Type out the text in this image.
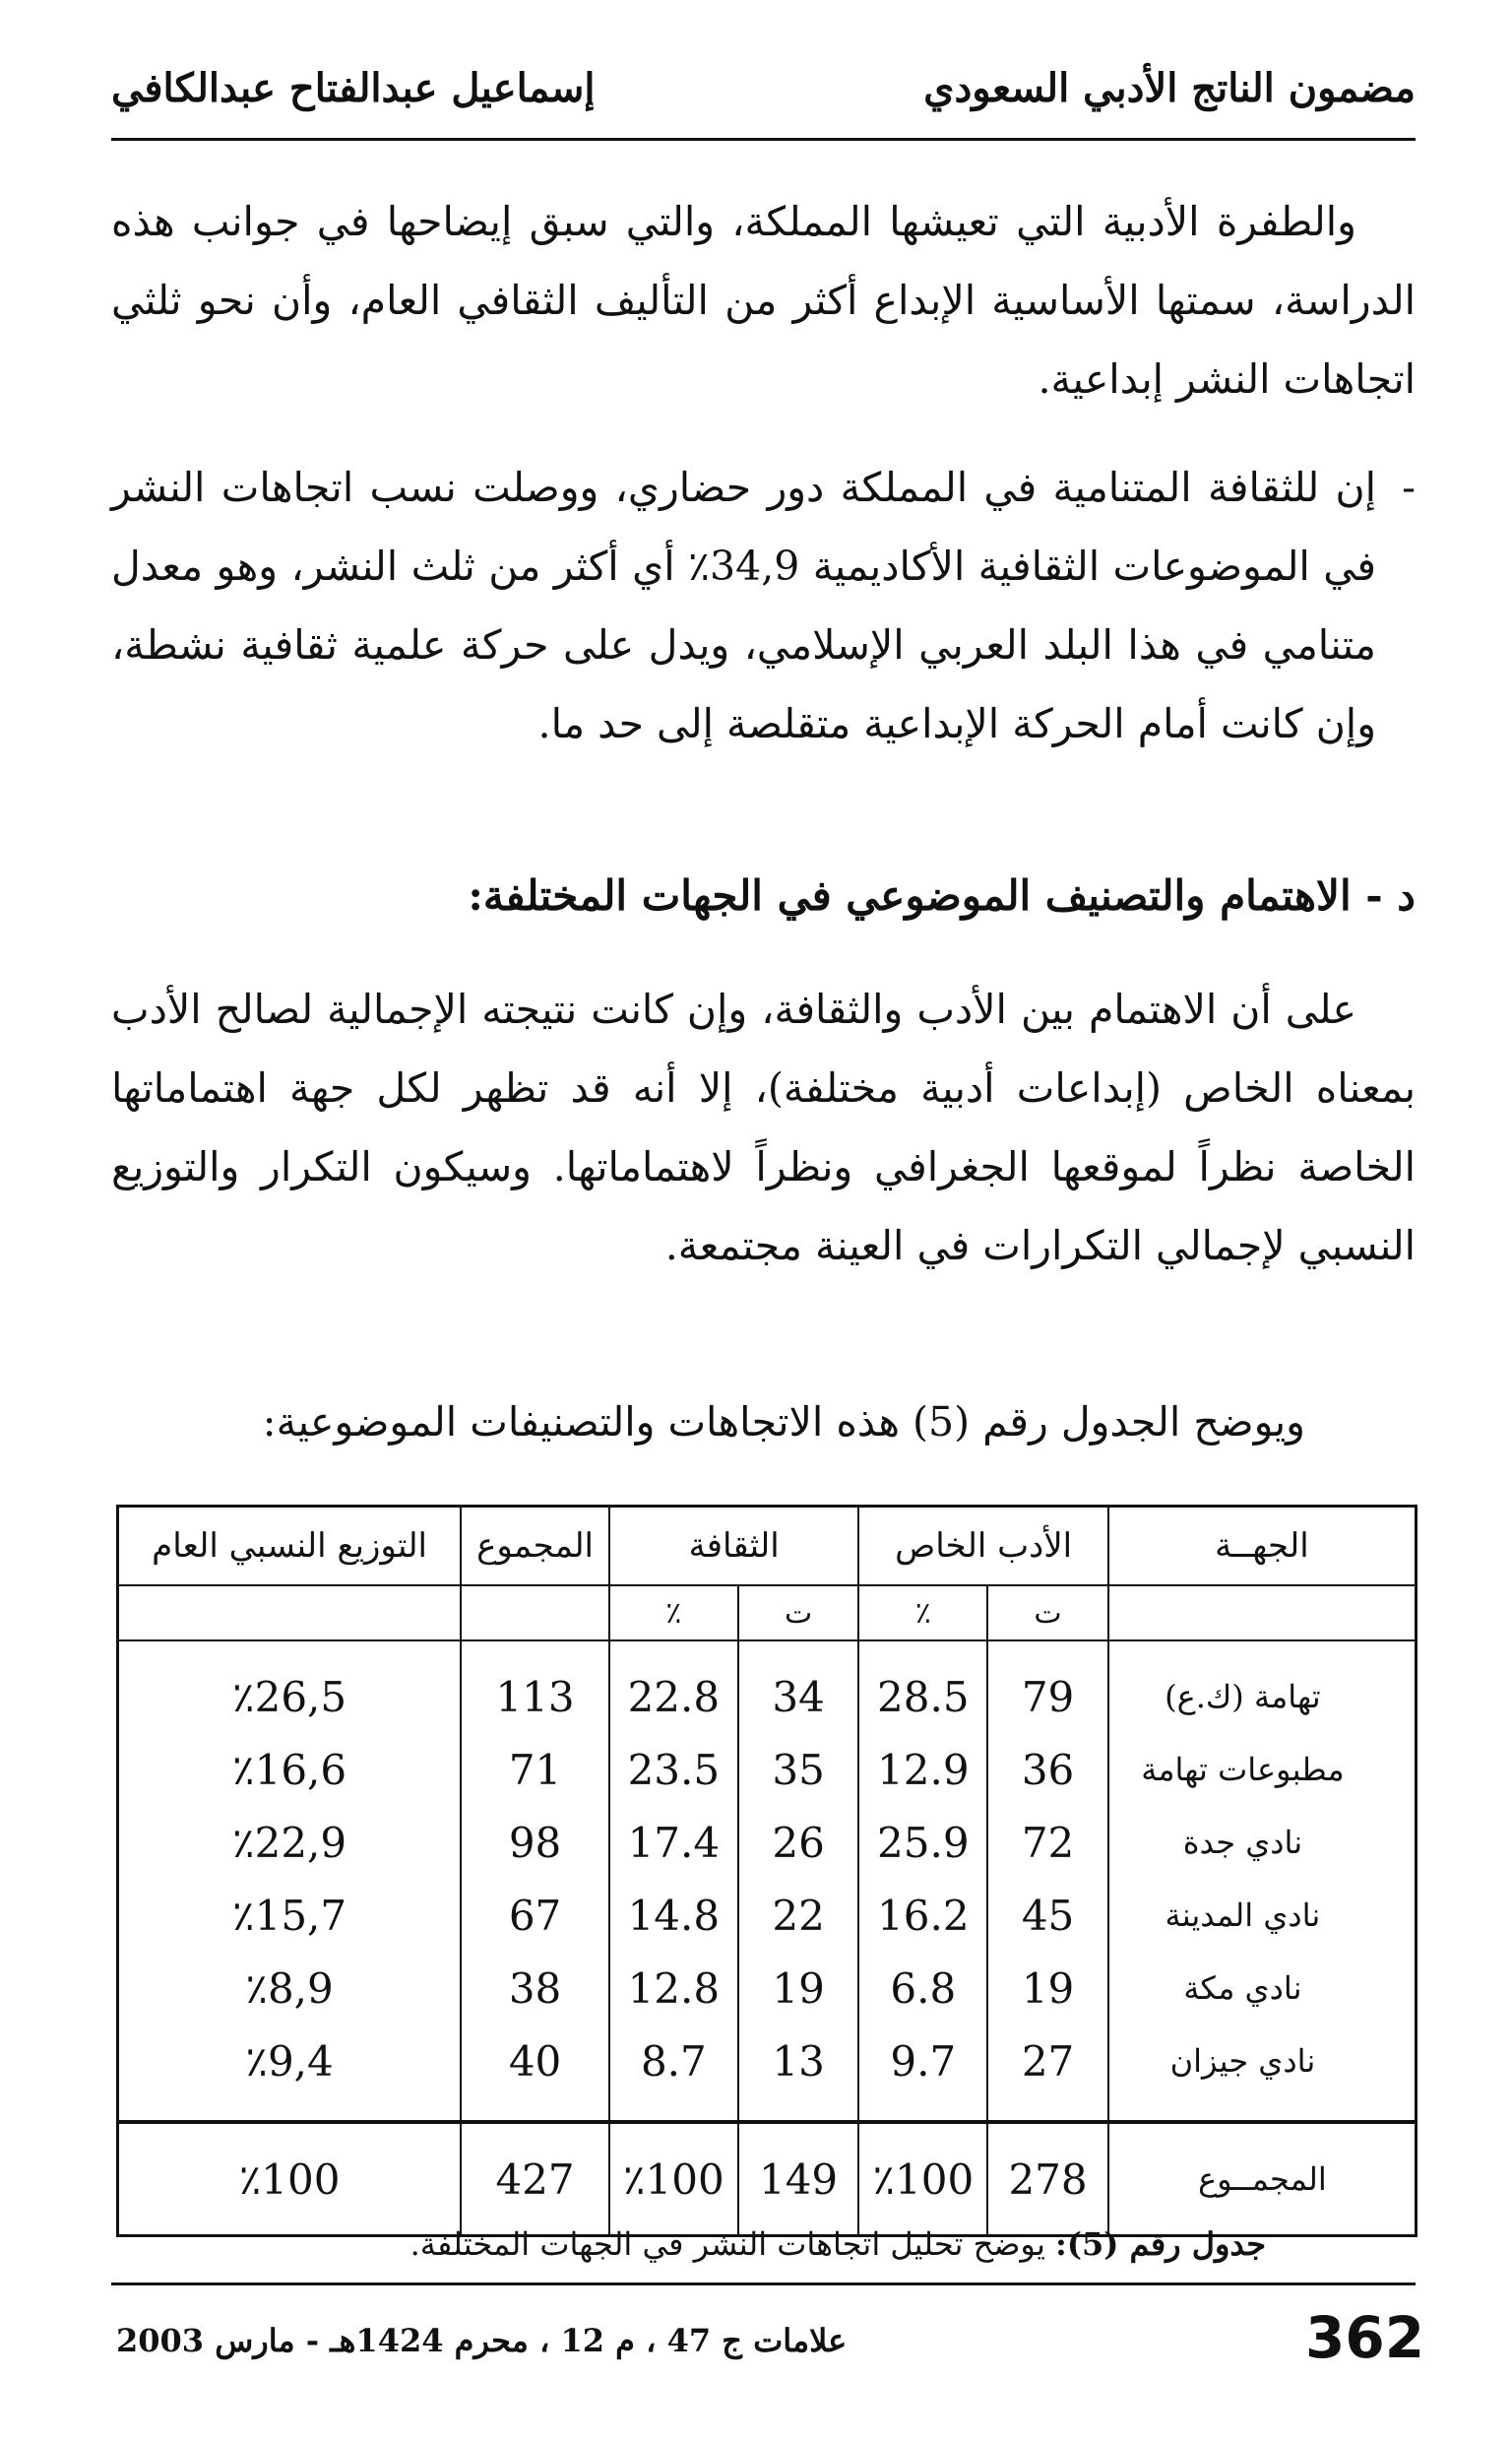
مضمون الناتج الأدبي السعودي
إسماعيل عبدالفتاح عبدالكافي

والطفرة الأدبية التي تعيشها المملكة، والتي سبق إيضاحها في جوانب هذه الدراسة، سمتها الأساسية الإبداع أكثر من التأليف الثقافي العام، وأن نحو ثلثي اتجاهات النشر إبداعية.

-
إن للثقافة المتنامية في المملكة دور حضاري، ووصلت نسب اتجاهات النشر في الموضوعات الثقافية الأكاديمية 34,9٪ أي أكثر من ثلث النشر، وهو معدل متنامي في هذا البلد العربي الإسلامي، ويدل على حركة علمية ثقافية نشطة، وإن كانت أمام الحركة الإبداعية متقلصة إلى حد ما.
د - الاهتمام والتصنيف الموضوعي في الجهات المختلفة:

على أن الاهتمام بين الأدب والثقافة، وإن كانت نتيجته الإجمالية لصالح الأدب بمعناه الخاص (إبداعات أدبية مختلفة)، إلا أنه قد تظهر لكل جهة اهتماماتها الخاصة نظراً لموقعها الجغرافي ونظراً لاهتماماتها. وسيكون التكرار والتوزيع النسبي لإجمالي التكرارات في العينة مجتمعة.

ويوضح الجدول رقم (5) هذه الاتجاهات والتصنيفات الموضوعية:
الجهــة	الأدب الخاص		الثقافة		المجموع	التوزيع النسبي العام
	ت	٪	ت	٪		
تهامة (ك.ع)	79	28.5	34	22.8	113	٪26,5
مطبوعات تهامة	36	12.9	35	23.5	71	٪16,6
نادي جدة	72	25.9	26	17.4	98	٪22,9
نادي المدينة	45	16.2	22	14.8	67	٪15,7
نادي مكة	19	6.8	19	12.8	38	٪8,9
نادي جيزان	27	9.7	13	8.7	40	٪9,4
المجمــوع	278	٪100	149	٪100	427	٪100
جدول رقم (5): يوضح تحليل اتجاهات النشر في الجهات المختلفة.
362
علامات ج 47 ، م 12 ، محرم 1424هـ - مارس 2003
